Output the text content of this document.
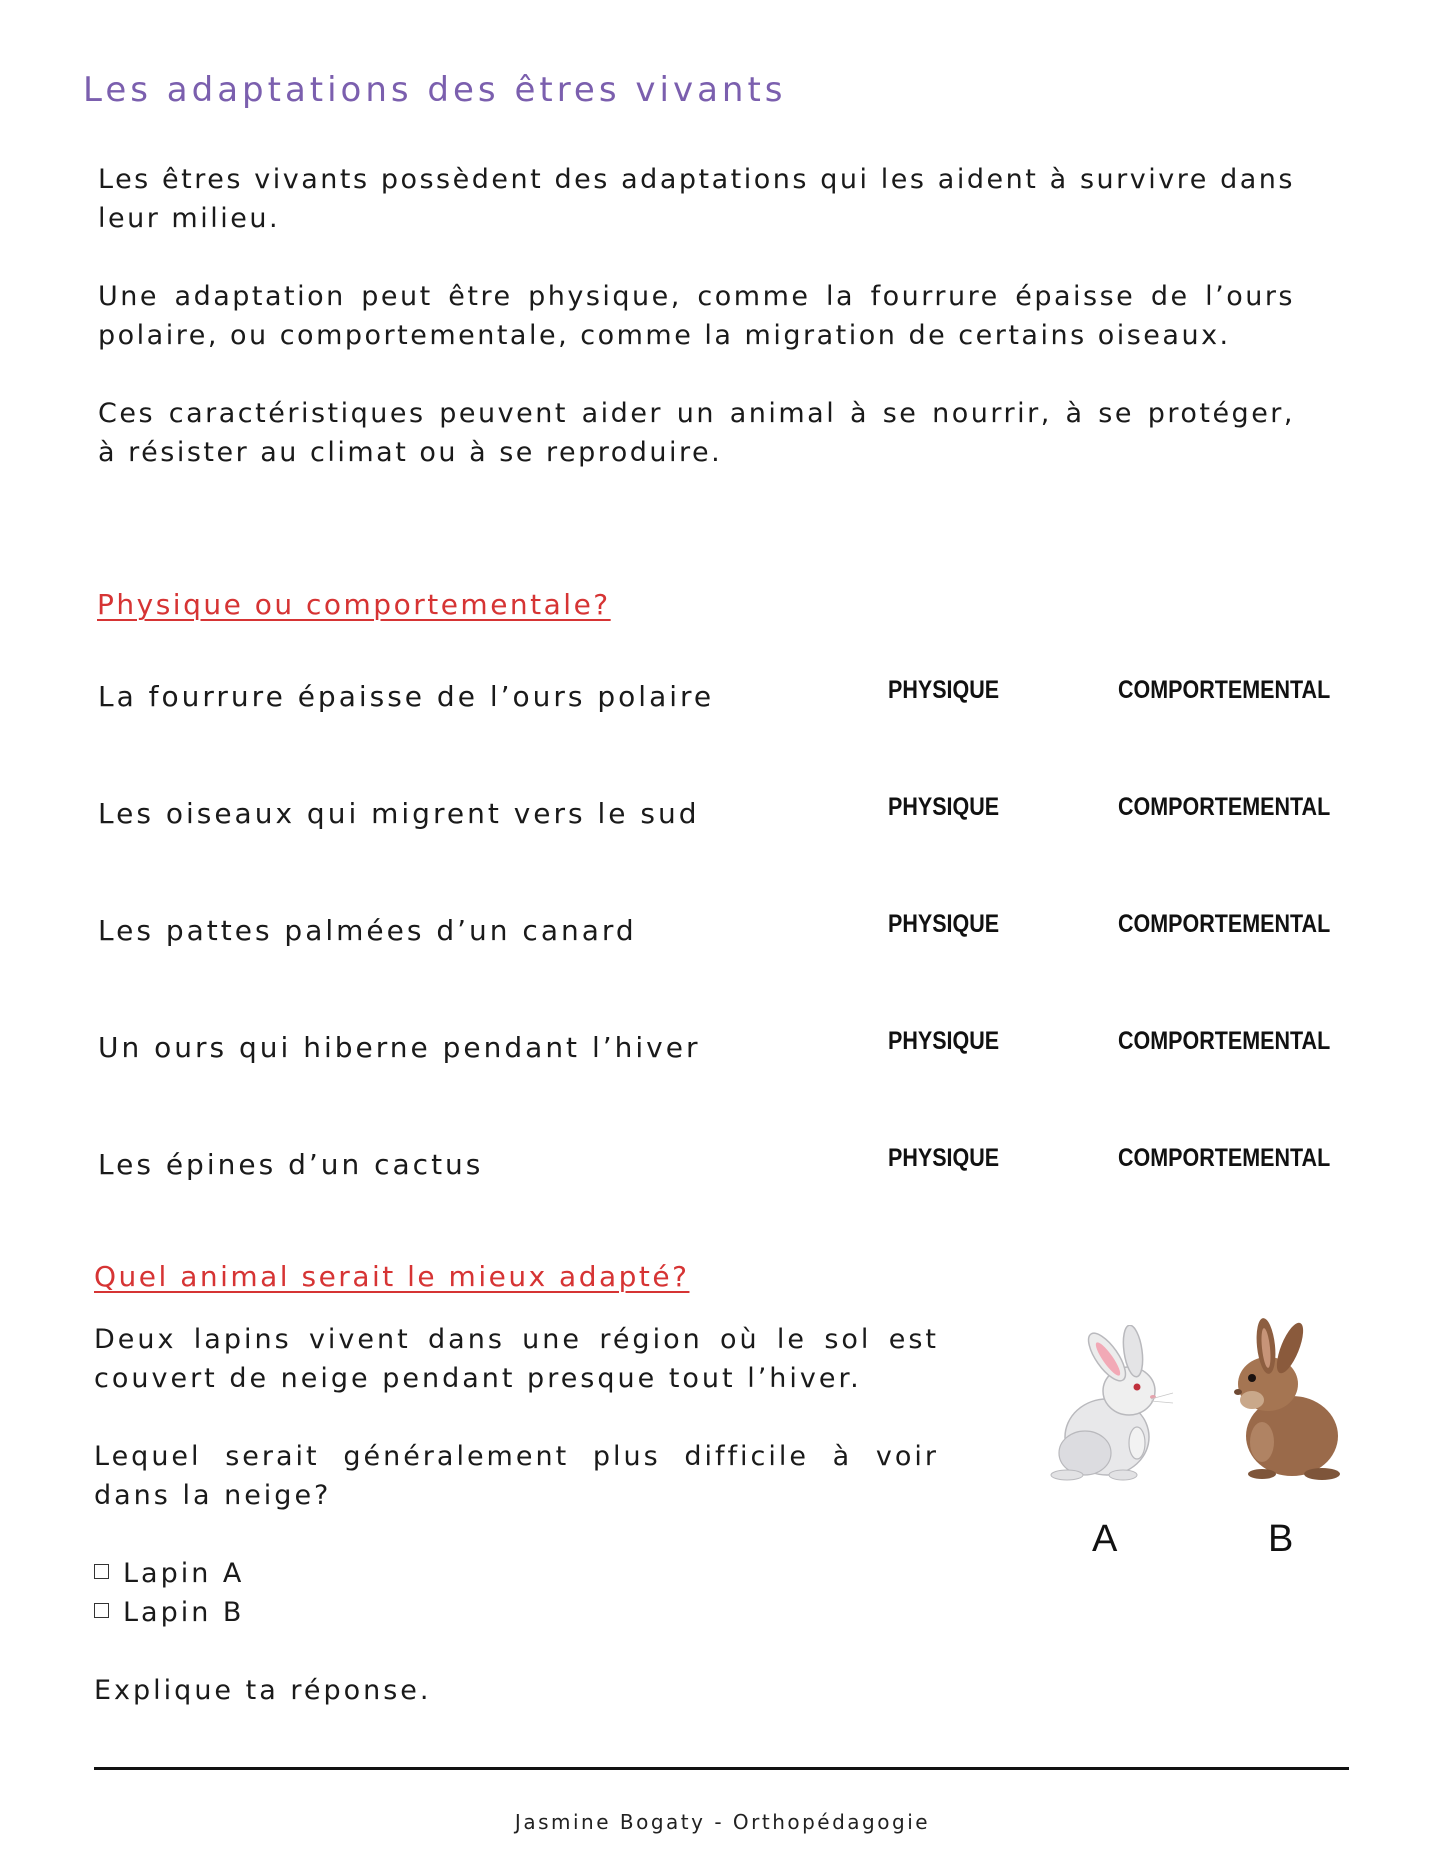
Les adaptations des êtres vivants

Les êtres vivants possèdent des adaptations qui les aident à survivre dans leur milieu.

Une adaptation peut être physique, comme la fourrure épaisse de l’ours polaire, ou comportementale, comme la migration de certains oiseaux.

Ces caractéristiques peuvent aider un animal à se nourrir, à se protéger, à résister au climat ou à se reproduire.

Physique ou comportementale?
La fourrure épaisse de l’ours polaire	PHYSIQUE	COMPORTEMENTAL
Les oiseaux qui migrent vers le sud	PHYSIQUE	COMPORTEMENTAL
Les pattes palmées d’un canard	PHYSIQUE	COMPORTEMENTAL
Un ours qui hiberne pendant l’hiver	PHYSIQUE	COMPORTEMENTAL
Les épines d’un cactus	PHYSIQUE	COMPORTEMENTAL
Quel animal serait le mieux adapté?

Deux lapins vivent dans une région où le sol est couvert de neige pendant presque tout l’hiver.

Lequel serait généralement plus difficile à voir dans la neige?

Lapin A
Lapin B

Explique ta réponse.

A	B
Jasmine Bogaty - Orthopédagogie
